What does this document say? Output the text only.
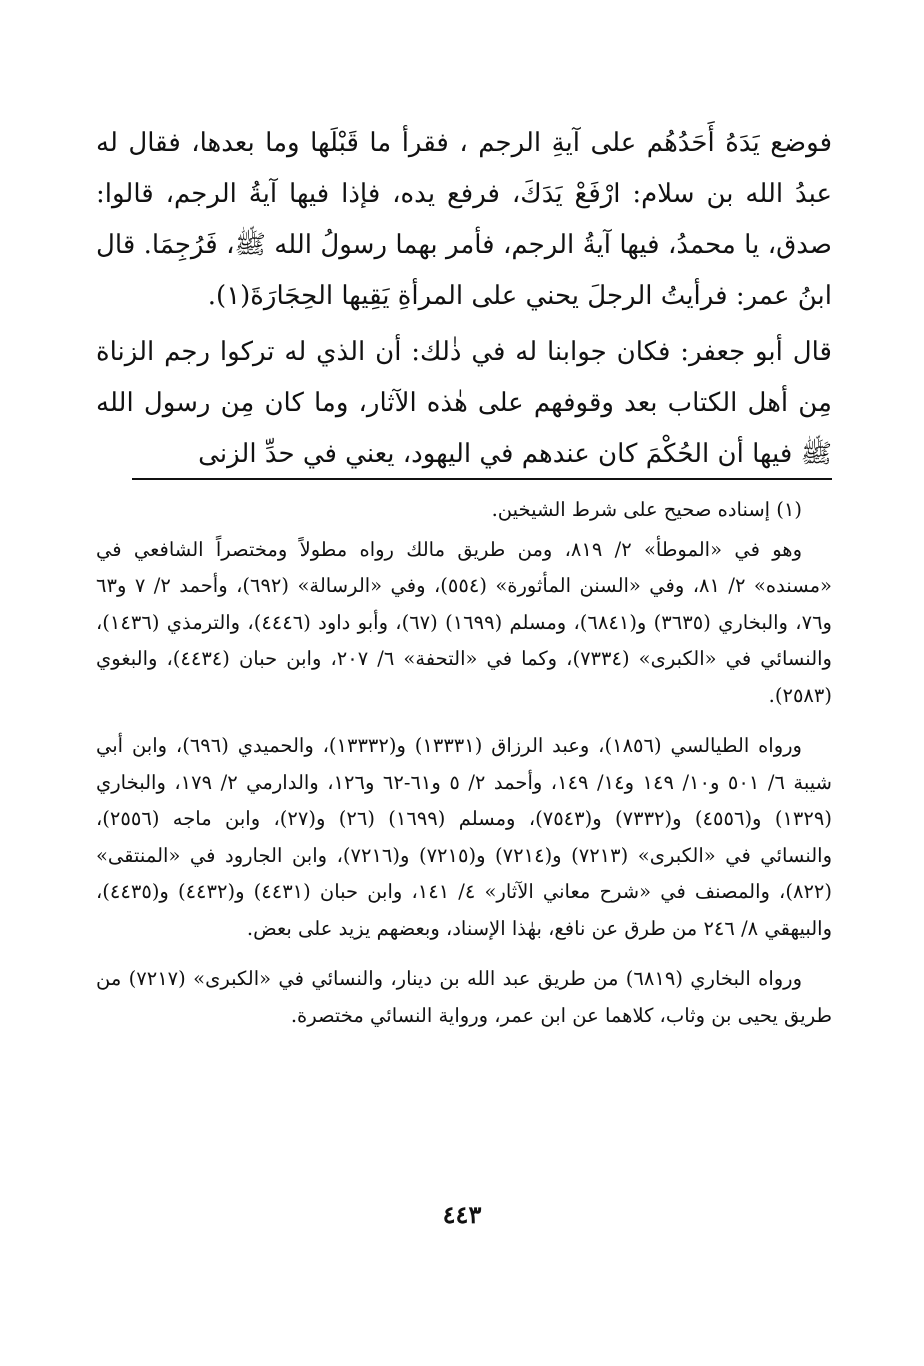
فوضع يَدَهُ أَحَدُهُم على آيةِ الرجم ، فقرأ ما قَبْلَها وما بعدها، فقال له عبدُ الله بن سلام: ارْفَعْ يَدَكَ، فرفع يده، فإذا فيها آيةُ الرجم، قالوا: صدق، يا محمدُ، فيها آيةُ الرجم، فأمر بهما رسولُ الله ﷺ، فَرُجِمَا. قال ابنُ عمر: فرأيتُ الرجلَ يحني على المرأةِ يَقِيها الحِجَارَةَ(١).

قال أبو جعفر: فكان جوابنا له في ذٰلك: أن الذي له تركوا رجم الزناة مِن أهل الكتاب بعد وقوفهم على هٰذه الآثار، وما كان مِن رسول الله ﷺ فيها أن الحُكْمَ كان عندهم في اليهود، يعني في حدِّ الزنى

(١) إسناده صحيح على شرط الشيخين.

وهو في «الموطأ» ٢/ ٨١٩، ومن طريق مالك رواه مطولاً ومختصراً الشافعي في «مسنده» ٢/ ٨١، وفي «السنن المأثورة» (٥٥٤)، وفي «الرسالة» (٦٩٢)، وأحمد ٢/ ٧ و٦٣ و٧٦، والبخاري (٣٦٣٥) و(٦٨٤١)، ومسلم (١٦٩٩) (٦٧)، وأبو داود (٤٤٤٦)، والترمذي (١٤٣٦)، والنسائي في «الكبرى» (٧٣٣٤)، وكما في «التحفة» ٦/ ٢٠٧، وابن حبان (٤٤٣٤)، والبغوي (٢٥٨٣).

ورواه الطيالسي (١٨٥٦)، وعبد الرزاق (١٣٣٣١) و(١٣٣٣٢)، والحميدي (٦٩٦)، وابن أبي شيبة ٦/ ٥٠١ و١٠/ ١٤٩ و١٤/ ١٤٩، وأحمد ٢/ ٥ و٦١-٦٢ و١٢٦، والدارمي ٢/ ١٧٩، والبخاري (١٣٢٩) و(٤٥٥٦) و(٧٣٣٢) و(٧٥٤٣)، ومسلم (١٦٩٩) (٢٦) و(٢٧)، وابن ماجه (٢٥٥٦)، والنسائي في «الكبرى» (٧٢١٣) و(٧٢١٤) و(٧٢١٥) و(٧٢١٦)، وابن الجارود في «المنتقى» (٨٢٢)، والمصنف في «شرح معاني الآثار» ٤/ ١٤١، وابن حبان (٤٤٣١) و(٤٤٣٢) و(٤٤٣٥)، والبيهقي ٨/ ٢٤٦ من طرق عن نافع، بهٰذا الإسناد، وبعضهم يزيد على بعض.

ورواه البخاري (٦٨١٩) من طريق عبد الله بن دينار، والنسائي في «الكبرى» (٧٢١٧) من طريق يحيى بن وثاب، كلاهما عن ابن عمر، ورواية النسائي مختصرة.

٤٤٣
